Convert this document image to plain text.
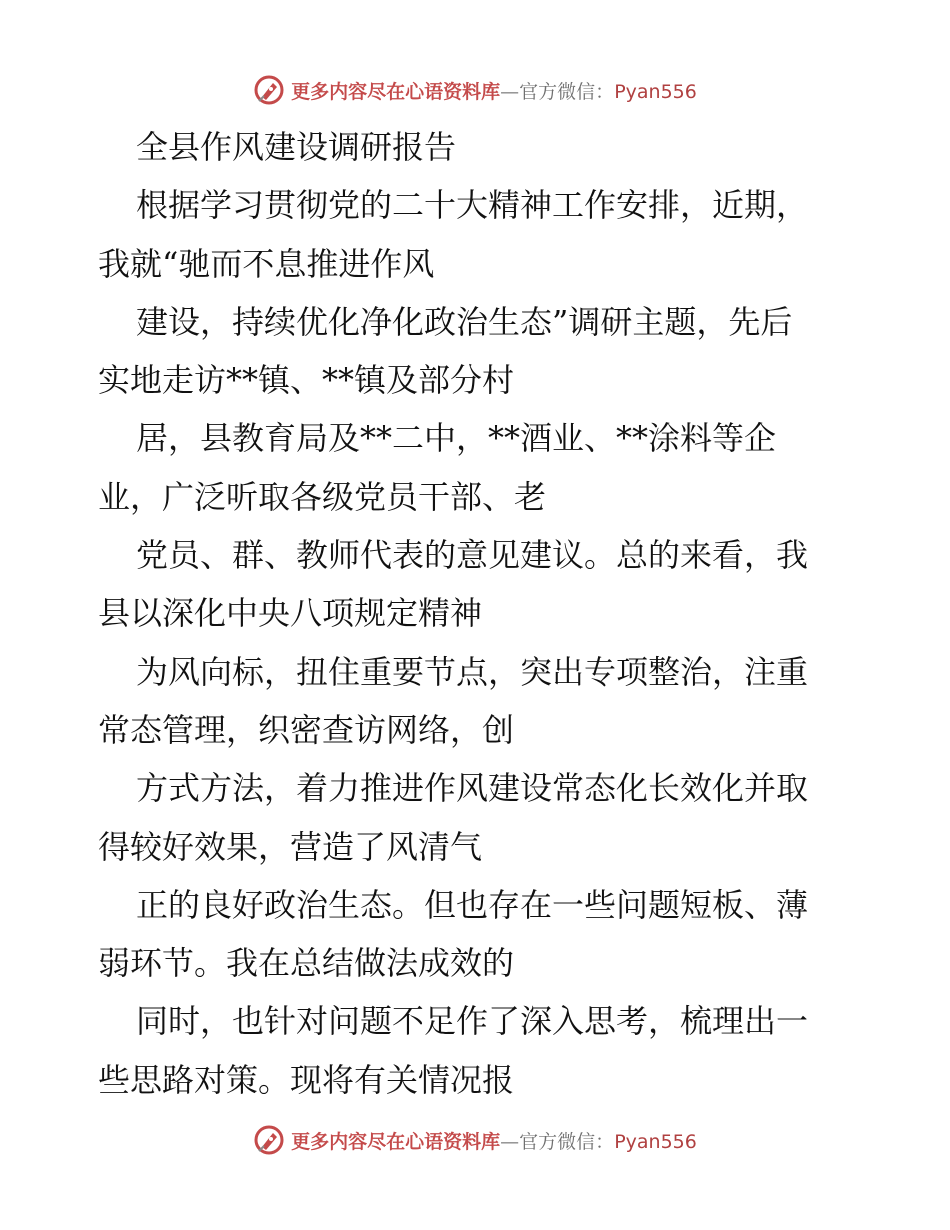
更多内容尽在心语资料库—官方微信：Pyan556
全县作风建设调研报告
根据学习贯彻党的二十大精神工作安排，近期，
我就“驰而不息推进作风
建设，持续优化净化政治生态”调研主题，先后
实地走访**镇、**镇及部分村
居，县教育局及**二中，**酒业、**涂料等企
业，广泛听取各级党员干部、老
党员、群、教师代表的意见建议。总的来看，我
县以深化中央八项规定精神
为风向标，扭住重要节点，突出专项整治，注重
常态管理，织密查访网络，创
方式方法，着力推进作风建设常态化长效化并取
得较好效果，营造了风清气
正的良好政治生态。但也存在一些问题短板、薄
弱环节。我在总结做法成效的
同时，也针对问题不足作了深入思考，梳理出一
些思路对策。现将有关情况报
更多内容尽在心语资料库—官方微信：Pyan556
